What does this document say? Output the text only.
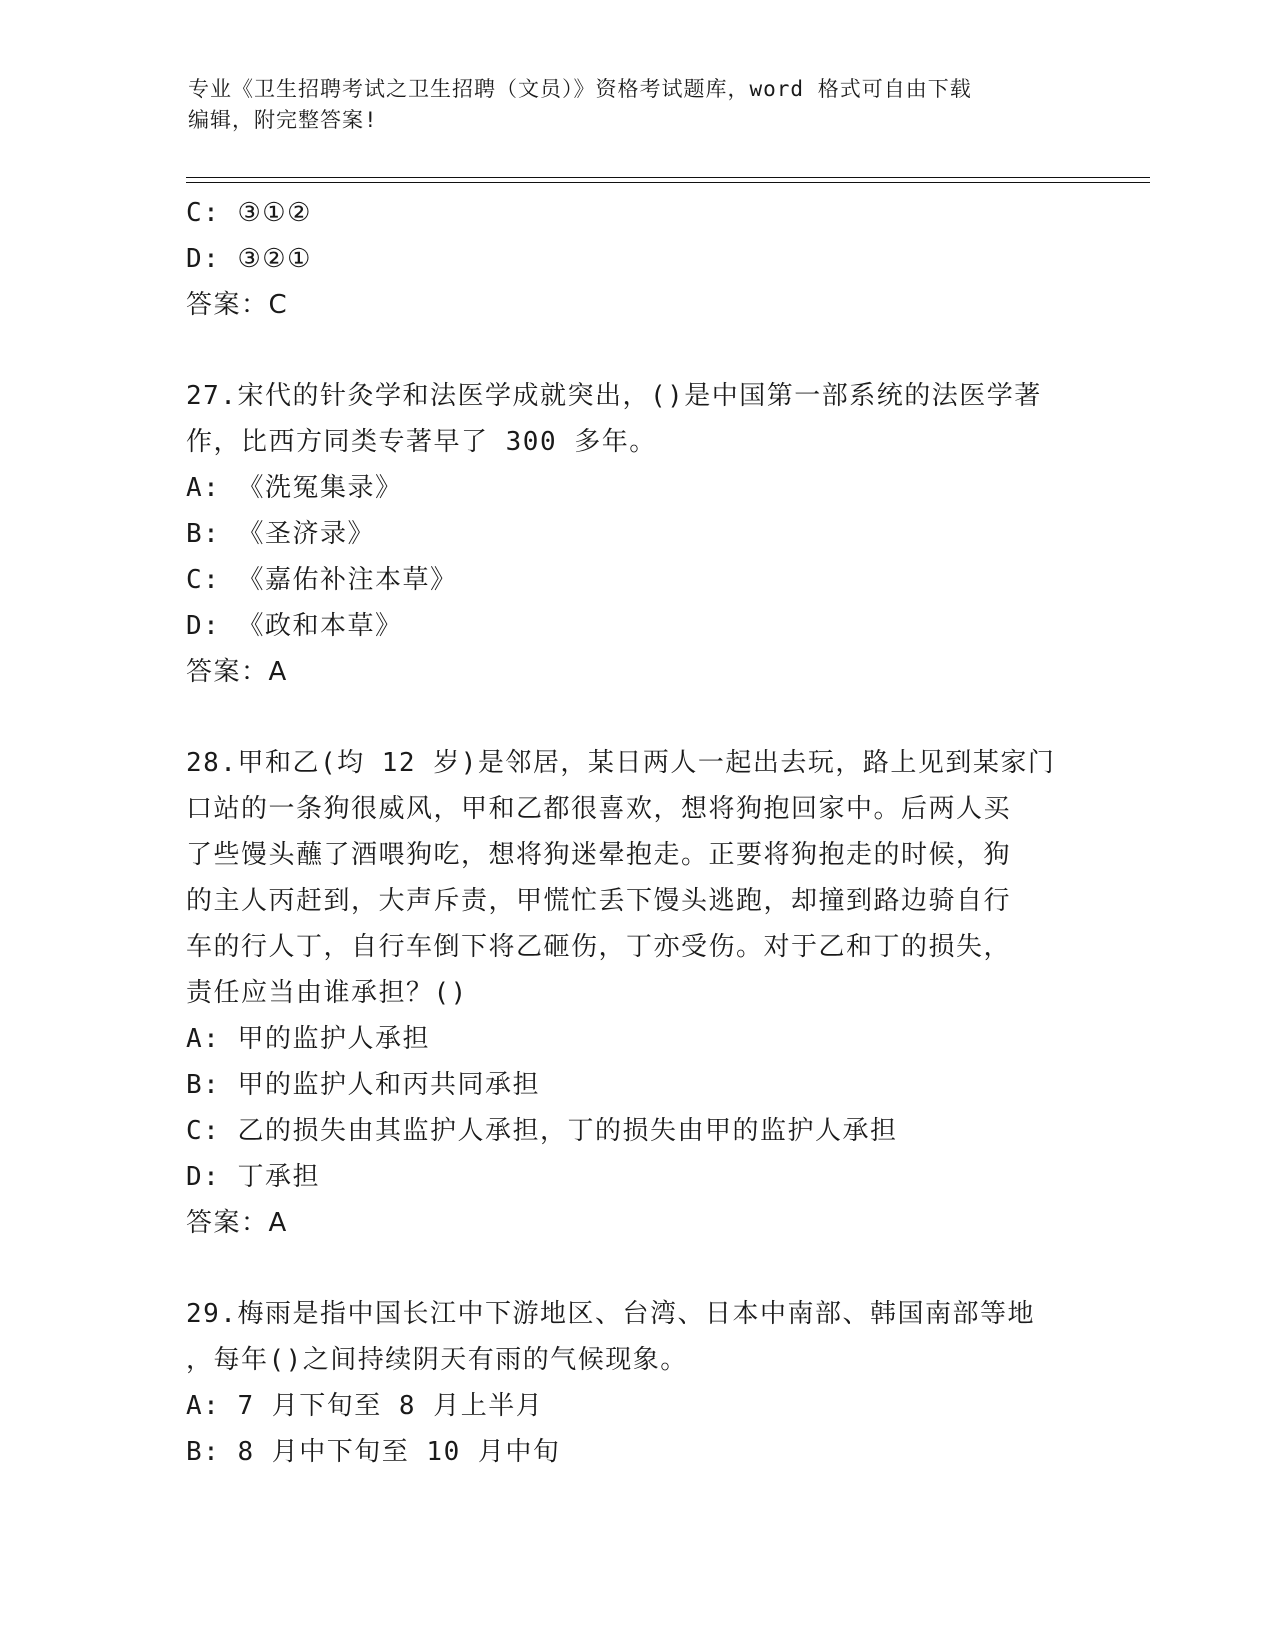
专业《卫生招聘考试之卫生招聘（文员）》资格考试题库，word 格式可自由下载
编辑，附完整答案!
C: ③①②
D: ③②①
答案：C
27.宋代的针灸学和法医学成就突出，()是中国第一部系统的法医学著
作，比西方同类专著早了 300 多年。
A: 《洗冤集录》
B: 《圣济录》
C: 《嘉佑补注本草》
D: 《政和本草》
答案：A
28.甲和乙(均 12 岁)是邻居，某日两人一起出去玩，路上见到某家门
口站的一条狗很威风，甲和乙都很喜欢，想将狗抱回家中。后两人买
了些馒头蘸了酒喂狗吃，想将狗迷晕抱走。正要将狗抱走的时候，狗
的主人丙赶到，大声斥责，甲慌忙丢下馒头逃跑，却撞到路边骑自行
车的行人丁，自行车倒下将乙砸伤，丁亦受伤。对于乙和丁的损失，
责任应当由谁承担？()
A: 甲的监护人承担
B: 甲的监护人和丙共同承担
C: 乙的损失由其监护人承担，丁的损失由甲的监护人承担
D: 丁承担
答案：A
29.梅雨是指中国长江中下游地区、台湾、日本中南部、韩国南部等地
，每年()之间持续阴天有雨的气候现象。
A: 7 月下旬至 8 月上半月
B: 8 月中下旬至 10 月中旬
